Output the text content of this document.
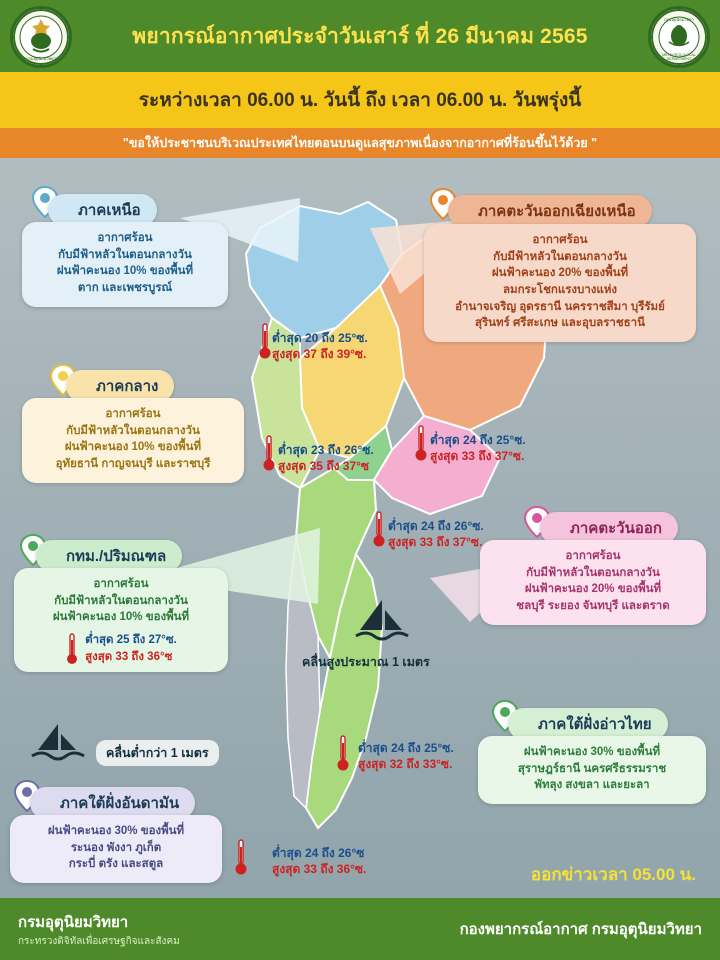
พยากรณ์อากาศประจำวันเสาร์ ที่ 26 มีนาคม 2565
กรมอุตุนิยมวิทยา
กรมอุตุนิยมวิทยา
METEOROLOGICAL
DEPARTMENT
ระหว่างเวลา 06.00 น. วันนี้ ถึง เวลา 06.00 น. วันพรุ่งนี้
"ขอให้ประชาชนบริเวณประเทศไทยตอนบนดูแลสุขภาพเนื่องจากอากาศที่ร้อนขึ้นไว้ด้วย "
ภาคเหนือ
อากาศร้อน
กับมีฟ้าหลัวในตอนกลางวัน
ฝนฟ้าคะนอง 10% ของพื้นที่
ตาก และเพชรบูรณ์
ภาคตะวันออกเฉียงเหนือ
อากาศร้อน
กับมีฟ้าหลัวในตอนกลางวัน
ฝนฟ้าคะนอง 20% ของพื้นที่
ลมกระโชกแรงบางแห่ง
อำนาจเจริญ อุดรธานี นครราชสีมา บุรีรัมย์
สุรินทร์ ศรีสะเกษ และอุบลราชธานี
ภาคกลาง
อากาศร้อน
กับมีฟ้าหลัวในตอนกลางวัน
ฝนฟ้าคะนอง 10% ของพื้นที่
อุทัยธานี กาญจนบุรี และราชบุรี
กทม./ปริมณฑล
อากาศร้อน
กับมีฟ้าหลัวในตอนกลางวัน
ฝนฟ้าคะนอง 10% ของพื้นที่
ต่ำสุด 25 ถึง 27°ซ.
สูงสุด 33 ถึง 36°ซ
ภาคตะวันออก
อากาศร้อน
กับมีฟ้าหลัวในตอนกลางวัน
ฝนฟ้าคะนอง 20% ของพื้นที่
ชลบุรี ระยอง จันทบุรี และตราด
ภาคใต้ฝั่งอ่าวไทย
ฝนฟ้าคะนอง 30% ของพื้นที่
สุราษฎร์ธานี นครศรีธรรมราช
พัทลุง สงขลา และยะลา
ภาคใต้ฝั่งอันดามัน
ฝนฟ้าคะนอง 30% ของพื้นที่
ระนอง พังงา ภูเก็ต
กระบี่ ตรัง และสตูล
ต่ำสุด 20 ถึง 25°ซ.
สูงสุด 37 ถึง 39°ซ.
ต่ำสุด 24 ถึง 25°ซ.
สูงสุด 33 ถึง 37°ซ.
ต่ำสุด 23 ถึง 26°ซ.
สูงสุด 35 ถึง 37°ซ
ต่ำสุด 24 ถึง 26°ซ.
สูงสุด 33 ถึง 37°ซ.
ต่ำสุด 24 ถึง 25°ซ.
สูงสุด 32 ถึง 33°ซ.
ต่ำสุด 24 ถึง 26°ซ
สูงสุด 33 ถึง 36°ซ.
คลื่นสูงประมาณ 1 เมตร
คลื่นต่ำกว่า 1 เมตร
ออกข่าวเวลา 05.00 น.
กรมอุตุนิยมวิทยา
กระทรวงดิจิทัลเพื่อเศรษฐกิจและสังคม
กองพยากรณ์อากาศ กรมอุตุนิยมวิทยา
